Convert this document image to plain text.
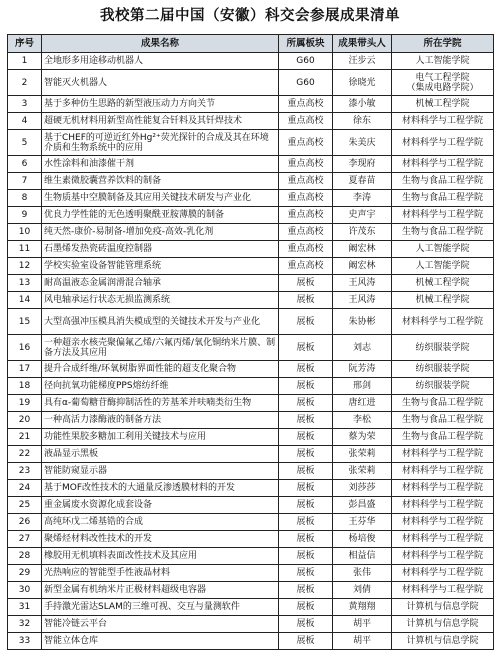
我校第二届中国（安徽）科交会参展成果清单
序号	成果名称	所属板块	成果带头人	所在学院
1	全地形多用途移动机器人	G60	汪步云	人工智能学院
2	智能灭火机器人	G60	徐晓光	电气工程学院
（集成电路学院）
3	基于多种仿生思路的新型液压动力方向关节	重点高校	漆小敏	机械工程学院
4	超硬无机材料用新型高性能复合钎料及其钎焊技术	重点高校	徐东	材料科学与工程学院
5	基于CHEF的可逆近红外Hg²⁺荧光探针的合成及其在环境介质和生物系统中的应用	重点高校	朱美庆	材料科学与工程学院
6	水性涂料和油漆催干剂	重点高校	李现府	材料科学与工程学院
7	维生素微胶囊营养饮料的制备	重点高校	夏春苗	生物与食品工程学院
8	生物质基中空膜制备及其应用关键技术研发与产业化	重点高校	李涛	生物与食品工程学院
9	优良力学性能的无色透明聚酰亚胺薄膜的制备	重点高校	史声宇	材料科学与工程学院
10	纯天然-康价-易制备-增加免疫-高效-乳化剂	重点高校	许茂东	生物与食品工程学院
11	石墨烯发热瓷砖温度控制器	重点高校	阚宏林	人工智能学院
12	学校实验室设备智能管理系统	重点高校	阚宏林	人工智能学院
13	耐高温液态金属润滑混合轴承	展板	王风涛	机械工程学院
14	风电轴承运行状态无损监测系统	展板	王风涛	机械工程学院
15	大型高强冲压模具消失模成型的关键技术开发与产业化	展板	朱协彬	材料科学与工程学院
16	一种超亲水核壳聚偏氟乙烯/六氟丙烯/氧化铜纳米片膜、制备方法及其应用	展板	刘志	纺织服装学院
17	提升合成纤维/环氧树脂界面性能的超支化聚合物	展板	阮芳涛	纺织服装学院
18	径向抗氧功能梯度PPS熔纺纤维	展板	邢剑	纺织服装学院
19	具有α-葡萄糖苷酶抑制活性的芳基苯并呋喃类衍生物	展板	唐红进	生物与食品工程学院
20	一种高活力漆酶液的制备方法	展板	李松	生物与食品工程学院
21	功能性果胶多糖加工利用关键技术与应用	展板	蔡为荣	生物与食品工程学院
22	液晶显示黑板	展板	张荣莉	材料科学与工程学院
23	智能防窥显示器	展板	张荣莉	材料科学与工程学院
24	基于MOF改性技术的大通量反渗透膜材料的开发	展板	刘莎莎	材料科学与工程学院
25	重金属废水资源化成套设备	展板	彭昌盛	材料科学与工程学院
26	高纯环戊二烯基锆的合成	展板	王芬华	材料科学与工程学院
27	聚烯烃材料改性技术的开发	展板	杨培俊	材料科学与工程学院
28	橡胶用无机填料表面改性技术及其应用	展板	相益信	材料科学与工程学院
29	光热响应的智能型手性液晶材料	展板	张伟	材料科学与工程学院
30	新型金属有机纳米片正极材料超级电容器	展板	刘倩	材料科学与工程学院
31	手持激光雷达SLAM的三维可视、交互与量测软件	展板	黄翔翔	计算机与信息学院
32	智能冷链云平台	展板	胡平	计算机与信息学院
33	智能立体仓库	展板	胡平	计算机与信息学院
